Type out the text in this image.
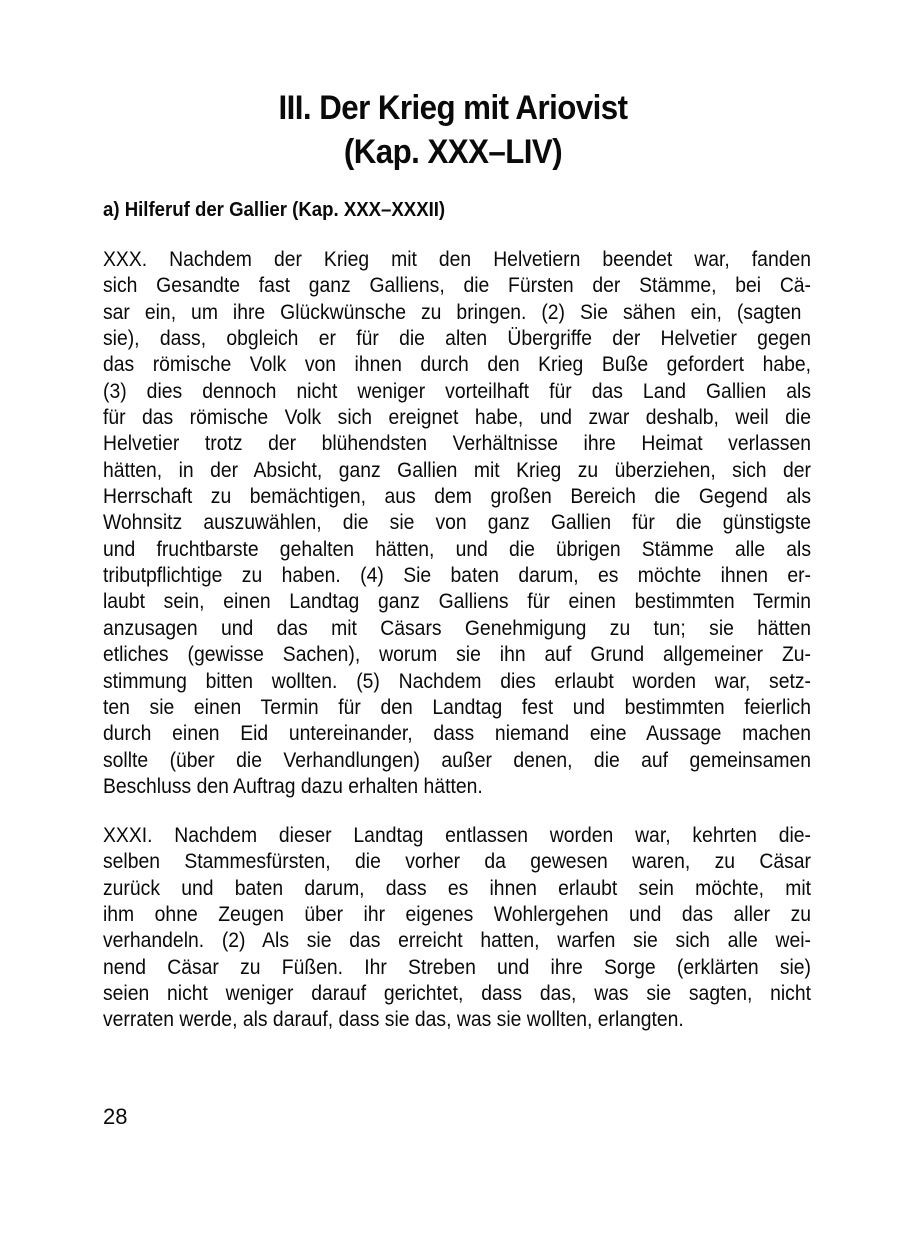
III. Der Krieg mit Ariovist
(Kap. XXX–LIV)
a) Hilferuf der Gallier (Kap. XXX–XXXII)
XXX. Nachdem der Krieg mit den Helvetiern beendet war, fanden
sich Gesandte fast ganz Galliens, die Fürsten der Stämme, bei Cä-
sar ein, um ihre Glückwünsche zu bringen. (2) Sie sähen ein, (sagten
sie), dass, obgleich er für die alten Übergriffe der Helvetier gegen
das römische Volk von ihnen durch den Krieg Buße gefordert habe,
(3) dies dennoch nicht weniger vorteilhaft für das Land Gallien als
für das römische Volk sich ereignet habe, und zwar deshalb, weil die
Helvetier trotz der blühendsten Verhältnisse ihre Heimat verlassen
hätten, in der Absicht, ganz Gallien mit Krieg zu überziehen, sich der
Herrschaft zu bemächtigen, aus dem großen Bereich die Gegend als
Wohnsitz auszuwählen, die sie von ganz Gallien für die günstigste
und fruchtbarste gehalten hätten, und die übrigen Stämme alle als
tributpflichtige zu haben. (4) Sie baten darum, es möchte ihnen er-
laubt sein, einen Landtag ganz Galliens für einen bestimmten Termin
anzusagen und das mit Cäsars Genehmigung zu tun; sie hätten
etliches (gewisse Sachen), worum sie ihn auf Grund allgemeiner Zu-
stimmung bitten wollten. (5) Nachdem dies erlaubt worden war, setz-
ten sie einen Termin für den Landtag fest und bestimmten feierlich
durch einen Eid untereinander, dass niemand eine Aussage machen
sollte (über die Verhandlungen) außer denen, die auf gemeinsamen
Beschluss den Auftrag dazu erhalten hätten.
XXXI. Nachdem dieser Landtag entlassen worden war, kehrten die-
selben Stammesfürsten, die vorher da gewesen waren, zu Cäsar
zurück und baten darum, dass es ihnen erlaubt sein möchte, mit
ihm ohne Zeugen über ihr eigenes Wohlergehen und das aller zu
verhandeln. (2) Als sie das erreicht hatten, warfen sie sich alle wei-
nend Cäsar zu Füßen. Ihr Streben und ihre Sorge (erklärten sie)
seien nicht weniger darauf gerichtet, dass das, was sie sagten, nicht
verraten werde, als darauf, dass sie das, was sie wollten, erlangten.
28
